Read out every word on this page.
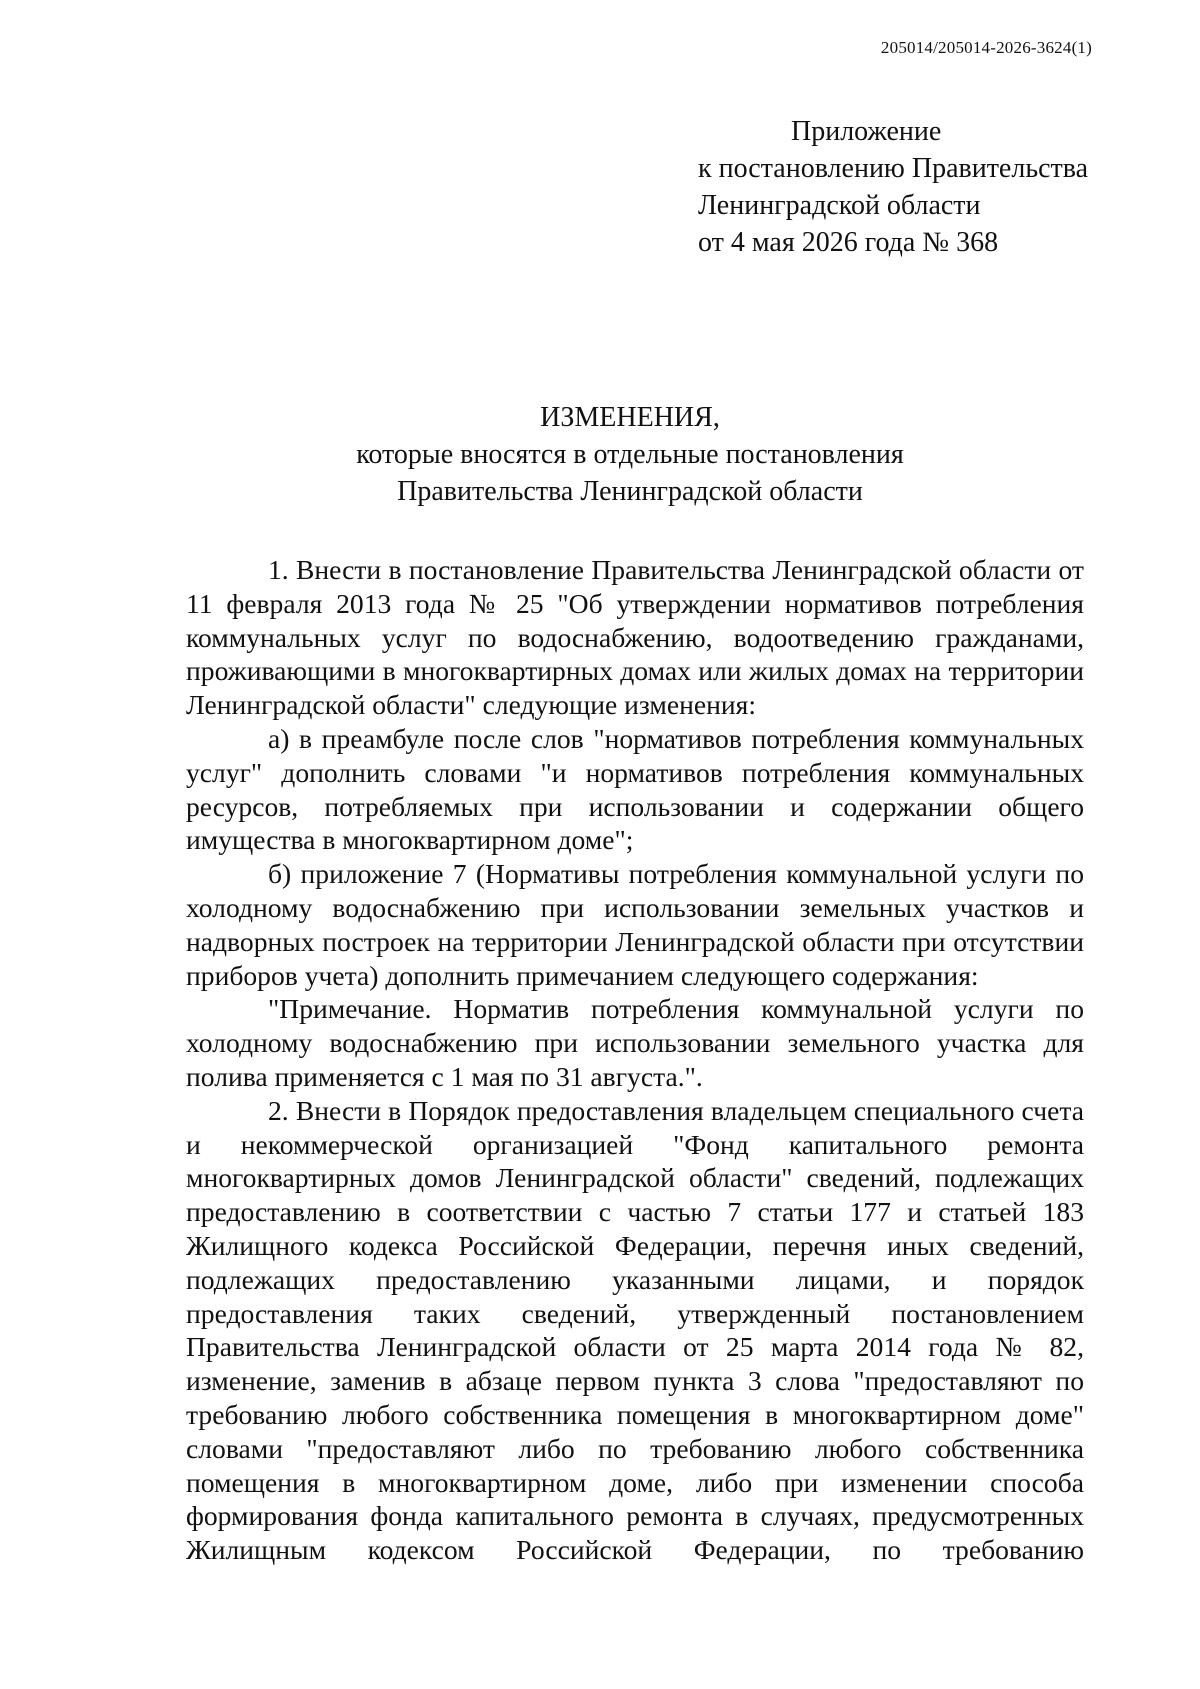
205014/205014-2026-3624(1)
Приложение
к постановлению Правительства
Ленинградской области
от 4 мая 2026 года № 368
ИЗМЕНЕНИЯ,
которые вносятся в отдельные постановления
Правительства Ленинградской области

1. Внести в постановление Правительства Ленинградской области от 11 февраля 2013 года № 25 "Об утверждении нормативов потребления коммунальных услуг по водоснабжению, водоотведению гражданами, проживающими в многоквартирных домах или жилых домах на территории Ленинградской области" следующие изменения:

а) в преамбуле после слов "нормативов потребления коммунальных услуг" дополнить словами "и нормативов потребления коммунальных ресурсов, потребляемых при использовании и содержании общего имущества в многоквартирном доме";

б) приложение 7 (Нормативы потребления коммунальной услуги по холодному водоснабжению при использовании земельных участков и надворных построек на территории Ленинградской области при отсутствии приборов учета) дополнить примечанием следующего содержания:

"Примечание. Норматив потребления коммунальной услуги по холодному водоснабжению при использовании земельного участка для полива применяется с 1 мая по 31 августа.".

2. Внести в Порядок предоставления владельцем специального счета и некоммерческой организацией "Фонд капитального ремонта многоквартирных домов Ленинградской области" сведений, подлежащих предоставлению в соответствии с частью 7 статьи 177 и статьей 183 Жилищного кодекса Российской Федерации, перечня иных сведений, подлежащих предоставлению указанными лицами, и порядок предоставления таких сведений, утвержденный постановлением Правительства Ленинградской области от 25 марта 2014 года № 82, изменение, заменив в абзаце первом пункта 3 слова "предоставляют по требованию любого собственника помещения в многоквартирном доме" словами "предоставляют либо по требованию любого собственника помещения в многоквартирном доме, либо при изменении способа формирования фонда капитального ремонта в случаях, предусмотренных Жилищным кодексом Российской Федерации, по требованию
